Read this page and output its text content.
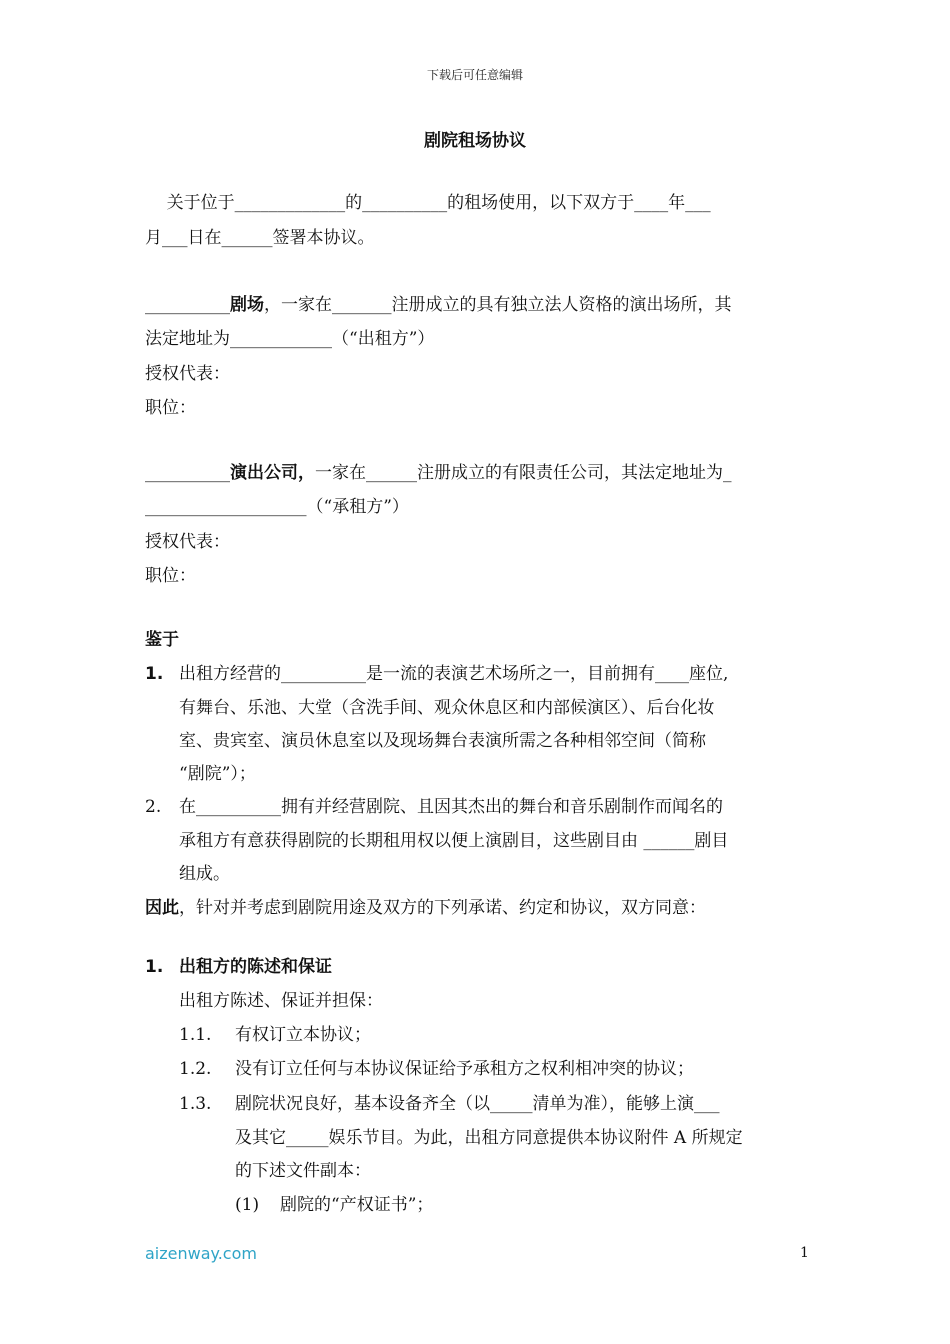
下载后可任意编辑
剧院租场协议
关于位于_____________的__________的租场使用，以下双方于____年___
月___日在______签署本协议。
__________剧场，一家在_______注册成立的具有独立法人资格的演出场所，其
法定地址为____________（“出租方”）
授权代表：
职位：
__________演出公司，一家在______注册成立的有限责任公司，其法定地址为_
___________________（“承租方”）
授权代表：
职位：
鉴于
1. 出租方经营的__________是一流的表演艺术场所之一，目前拥有____座位,
有舞台、乐池、大堂（含洗手间、观众休息区和内部候演区）、后台化妆
室、贵宾室、演员休息室以及现场舞台表演所需之各种相邻空间（简称
“剧院”）；
2. 在__________拥有并经营剧院、且因其杰出的舞台和音乐剧制作而闻名的
承租方有意获得剧院的长期租用权以便上演剧目，这些剧目由 ______剧目
组成。
因此，针对并考虑到剧院用途及双方的下列承诺、约定和协议，双方同意：
1. 出租方的陈述和保证
出租方陈述、保证并担保：
1.1. 有权订立本协议；
1.2. 没有订立任何与本协议保证给予承租方之权利相冲突的协议；
1.3. 剧院状况良好，基本设备齐全（以_____清单为准），能够上演___
及其它_____娱乐节目。为此，出租方同意提供本协议附件 A 所规定
的下述文件副本：
(1) 剧院的“产权证书”；
aizenway.com	1
